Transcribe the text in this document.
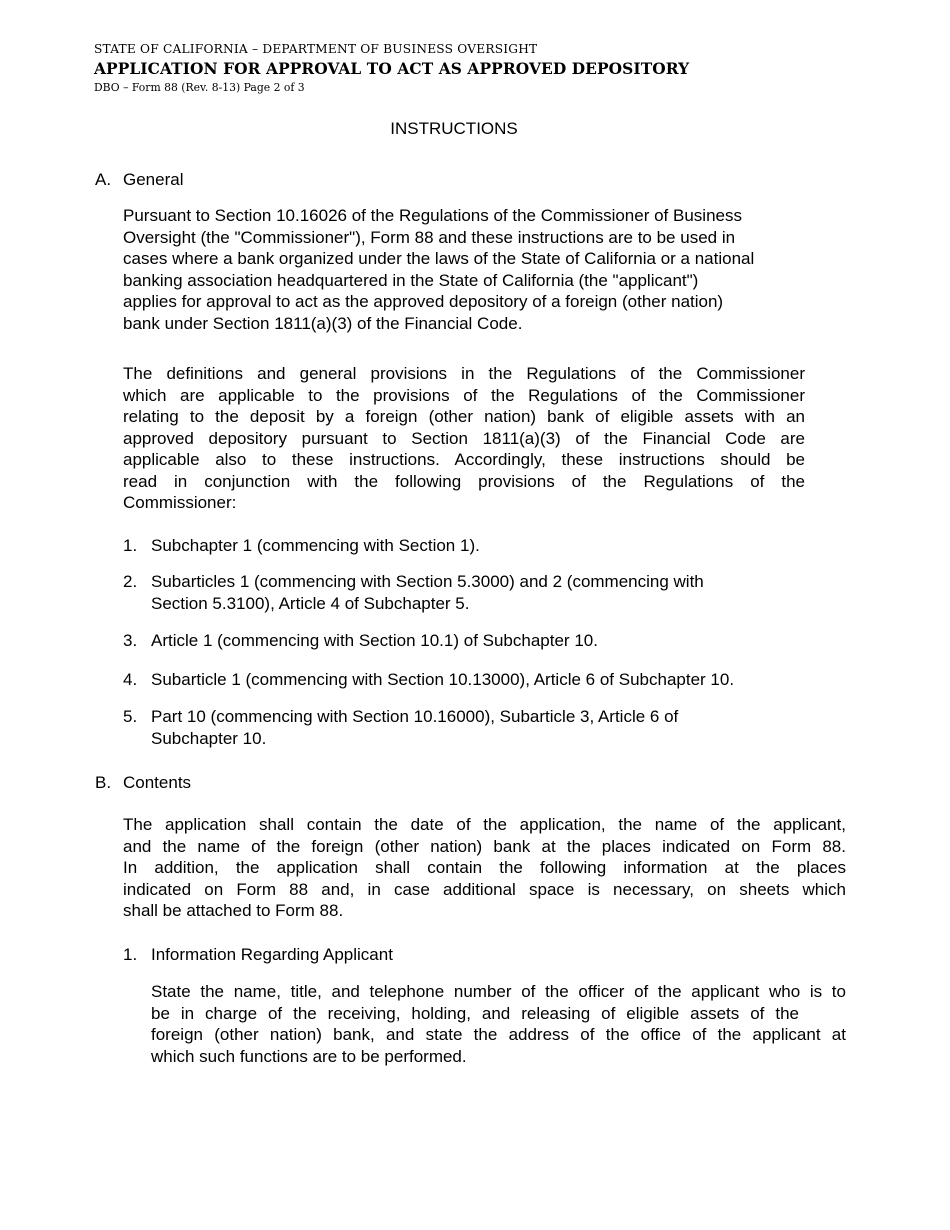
STATE OF CALIFORNIA – DEPARTMENT OF BUSINESS OVERSIGHT
APPLICATION FOR APPROVAL TO ACT AS APPROVED DEPOSITORY
DBO – Form 88 (Rev. 8-13) Page 2 of 3
INSTRUCTIONS
A. General
Pursuant to Section 10.16026 of the Regulations of the Commissioner of Business
Oversight (the "Commissioner"), Form 88 and these instructions are to be used in
cases where a bank organized under the laws of the State of California or a national
banking association headquartered in the State of California (the "applicant")
applies for approval to act as the approved depository of a foreign (other nation)
bank under Section 1811(a)(3) of the Financial Code.
The definitions and general provisions in the Regulations of the Commissioner
which are applicable to the provisions of the Regulations of the Commissioner
relating to the deposit by a foreign (other nation) bank of eligible assets with an
approved depository pursuant to Section 1811(a)(3) of the Financial Code are
applicable also to these instructions. Accordingly, these instructions should be
read in conjunction with the following provisions of the Regulations of the
Commissioner:
1. Subchapter 1 (commencing with Section 1).
2. Subarticles 1 (commencing with Section 5.3000) and 2 (commencing with
Section 5.3100), Article 4 of Subchapter 5.
3. Article 1 (commencing with Section 10.1) of Subchapter 10.
4. Subarticle 1 (commencing with Section 10.13000), Article 6 of Subchapter 10.
5. Part 10 (commencing with Section 10.16000), Subarticle 3, Article 6 of
Subchapter 10.
B. Contents
The application shall contain the date of the application, the name of the applicant,
and the name of the foreign (other nation) bank at the places indicated on Form 88.
In addition, the application shall contain the following information at the places
indicated on Form 88 and, in case additional space is necessary, on sheets which
shall be attached to Form 88.
1. Information Regarding Applicant
State the name, title, and telephone number of the officer of the applicant who is to
be in charge of the receiving, holding, and releasing of eligible assets of the
foreign (other nation) bank, and state the address of the office of the applicant at
which such functions are to be performed.
